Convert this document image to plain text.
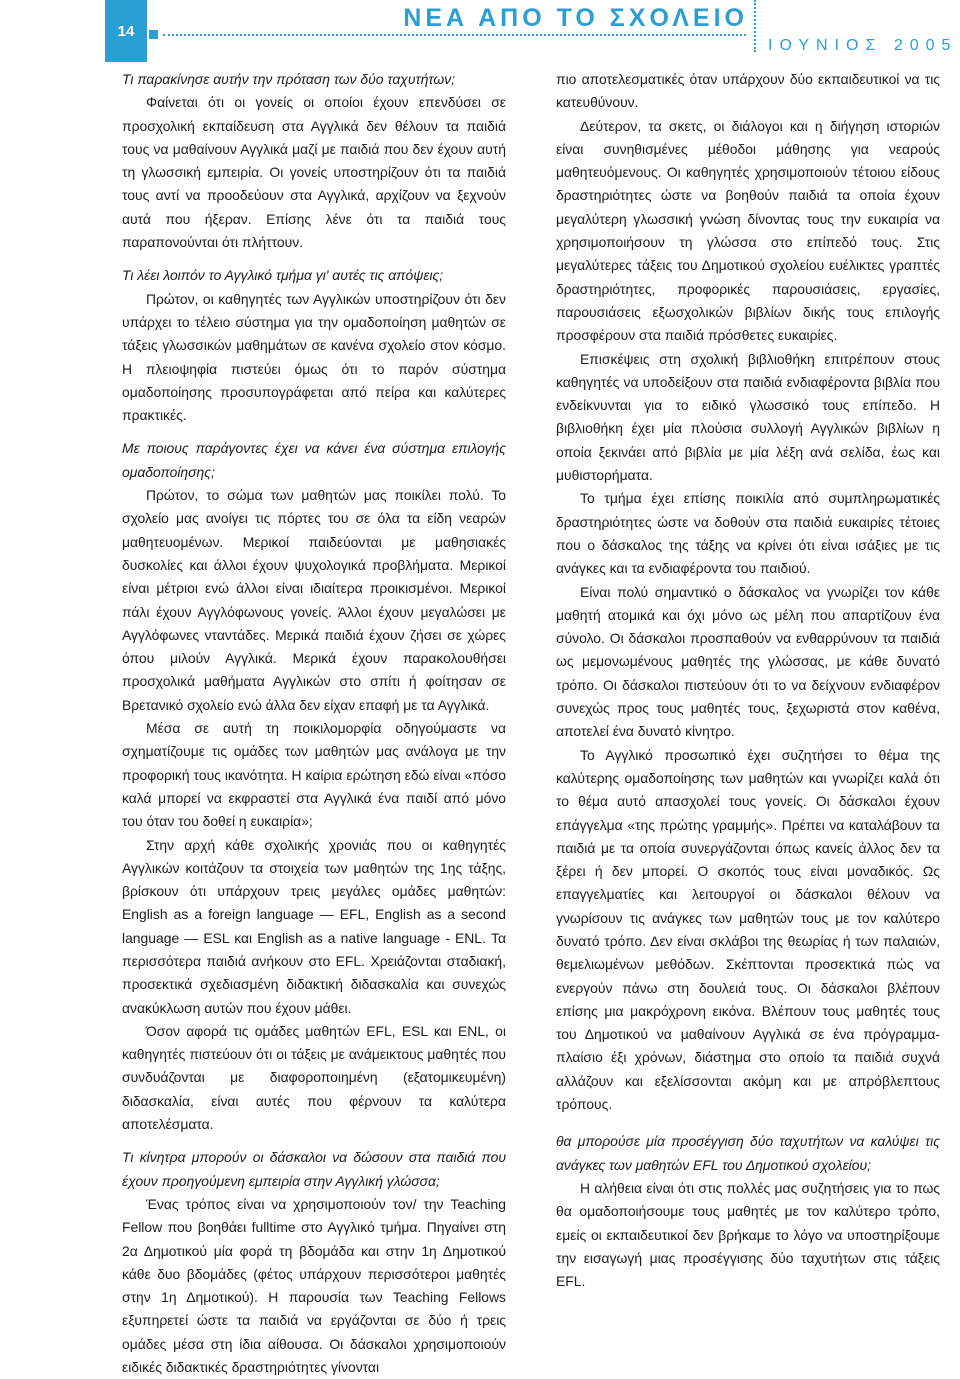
14	ΝΕΑ ΑΠΟ ΤΟ ΣΧΟΛΕΙΟ
ΙΟΥΝΙΟΣ 2005

Τι παρακίνησε αυτήν την πρόταση των δύο ταχυτήτων;

Φαίνεται ότι οι γονείς οι οποίοι έχουν επενδύσει σε προσχολική εκπαίδευση στα Αγγλικά δεν θέλουν τα παιδιά τους να μαθαίνουν Αγγλικά μαζί με παιδιά που δεν έχουν αυτή τη γλωσσική εμπειρία. Οι γονείς υποστηρίζουν ότι τα παιδιά τους αντί να προοδεύουν στα Αγγλικά, αρχίζουν να ξεχνούν αυτά που ήξεραν. Επίσης λένε ότι τα παιδιά τους παραπονούνται ότι πλήττουν.

Τι λέει λοιπόν το Αγγλικό τμήμα γι' αυτές τις απόψεις;

Πρώτον, οι καθηγητές των Αγγλικών υποστηρίζουν ότι δεν υπάρχει το τέλειο σύστημα για την ομαδοποίηση μαθητών σε τάξεις γλωσσικών μαθημάτων σε κανένα σχολείο στον κόσμο. Η πλειοψηφία πιστεύει όμως ότι το παρόν σύστημα ομαδοποίησης προσυπογράφεται από πείρα και καλύτερες πρακτικές.

Με ποιους παράγοντες έχει να κάνει ένα σύστημα επιλογής ομαδοποίησης;

Πρώτον, το σώμα των μαθητών μας ποικίλει πολύ. Το σχολείο μας ανοίγει τις πόρτες του σε όλα τα είδη νεαρών μαθητευομένων. Μερικοί παιδεύονται με μαθησιακές δυσκολίες και άλλοι έχουν ψυχολογικά προβλήματα. Μερικοί είναι μέτριοι ενώ άλλοι είναι ιδιαίτερα προικισμένοι. Μερικοί πάλι έχουν Αγγλόφωνους γονείς. Άλλοι έχουν μεγαλώσει με Αγγλόφωνες νταντάδες. Μερικά παιδιά έχουν ζήσει σε χώρες όπου μιλούν Αγγλικά. Μερικά έχουν παρακολουθήσει προσχολικά μαθήματα Αγγλικών στο σπίτι ή φοίτησαν σε Βρετανικό σχολείο ενώ άλλα δεν είχαν επαφή με τα Αγγλικά.

Μέσα σε αυτή τη ποικιλομορφία οδηγούμαστε να σχηματίζουμε τις ομάδες των μαθητών μας ανάλογα με την προφορική τους ικανότητα. Η καίρια ερώτηση εδώ είναι «πόσο καλά μπορεί να εκφραστεί στα Αγγλικά ένα παιδί από μόνο του όταν του δοθεί η ευκαιρία»;

Στην αρχή κάθε σχολικής χρονιάς που οι καθηγητές Αγγλικών κοιτάζουν τα στοιχεία των μαθητών της 1ης τάξης, βρίσκουν ότι υπάρχουν τρεις μεγάλες ομάδες μαθητών: English as a foreign language — EFL, English as a second language — ESL και English as a native language - ENL. Τα περισσότερα παιδιά ανήκουν στο EFL. Χρειάζονται σταδιακή, προσεκτικά σχεδιασμένη διδακτική διδασκαλία και συνεχώς ανακύκλωση αυτών που έχουν μάθει.

Όσον αφορά τις ομάδες μαθητών EFL, ESL και ENL, οι καθηγητές πιστεύουν ότι οι τάξεις με ανάμεικτους μαθητές που συνδυάζονται με διαφοροποιημένη (εξατομικευμένη) διδασκαλία, είναι αυτές που φέρνουν τα καλύτερα αποτελέσματα.

Τι κίνητρα μπορούν οι δάσκαλοι να δώσουν στα παιδιά που έχουν προηγούμενη εμπειρία στην Αγγλική γλώσσα;

Ένας τρόπος είναι να χρησιμοποιούν τον/ την Teaching Fellow που βοηθάει fulltime στο Αγγλικό τμήμα. Πηγαίνει στη 2α Δημοτικού μία φορά τη βδομάδα και στην 1η Δημοτικού κάθε δυο βδομάδες (φέτος υπάρχουν περισσότεροι μαθητές στην 1η Δημοτικού). Η παρουσία των Teaching Fellows εξυπηρετεί ώστε τα παιδιά να εργάζονται σε δύο ή τρεις ομάδες μέσα στη ίδια αίθουσα. Οι δάσκαλοι χρησιμοποιούν ειδικές διδακτικές δραστηριότητες γίνονται

πιο αποτελεσματικές όταν υπάρχουν δύο εκπαιδευτικοί να τις κατευθύνουν.

Δεύτερον, τα σκετς, οι διάλογοι και η διήγηση ιστοριών είναι συνηθισμένες μέθοδοι μάθησης για νεαρούς μαθητευόμενους. Οι καθηγητές χρησιμοποιούν τέτοιου είδους δραστηριότητες ώστε να βοηθούν παιδιά τα οποία έχουν μεγαλύτερη γλωσσική γνώση δίνοντας τους την ευκαιρία να χρησιμοποιήσουν τη γλώσσα στο επίπεδό τους. Στις μεγαλύτερες τάξεις του Δημοτικού σχολείου ευέλικτες γραπτές δραστηριότητες, προφορικές παρουσιάσεις, εργασίες, παρουσιάσεις εξωσχολικών βιβλίων δικής τους επιλογής προσφέρουν στα παιδιά πρόσθετες ευκαιρίες.

Επισκέψεις στη σχολική βιβλιοθήκη επιτρέπουν στους καθηγητές να υποδείξουν στα παιδιά ενδιαφέροντα βιβλία που ενδείκνυνται για το ειδικό γλωσσικό τους επίπεδο. Η βιβλιοθήκη έχει μία πλούσια συλλογή Αγγλικών βιβλίων η οποία ξεκινάει από βιβλία με μία λέξη ανά σελίδα, έως και μυθιστορήματα.

Το τμήμα έχει επίσης ποικιλία από συμπληρωματικές δραστηριότητες ώστε να δοθούν στα παιδιά ευκαιρίες τέτοιες που ο δάσκαλος της τάξης να κρίνει ότι είναι ισάξιες με τις ανάγκες και τα ενδιαφέροντα του παιδιού.

Είναι πολύ σημαντικό ο δάσκαλος να γνωρίζει τον κάθε μαθητή ατομικά και όχι μόνο ως μέλη που απαρτίζουν ένα σύνολο. Οι δάσκαλοι προσπαθούν να ενθαρρύνουν τα παιδιά ως μεμονωμένους μαθητές της γλώσσας, με κάθε δυνατό τρόπο. Οι δάσκαλοι πιστεύουν ότι το να δείχνουν ενδιαφέρον συνεχώς προς τους μαθητές τους, ξεχωριστά στον καθένα, αποτελεί ένα δυνατό κίνητρο.

Το Αγγλικό προσωπικό έχει συζητήσει το θέμα της καλύτερης ομαδοποίησης των μαθητών και γνωρίζει καλά ότι το θέμα αυτό απασχολεί τους γονείς. Οι δάσκαλοι έχουν επάγγελμα «της πρώτης γραμμής». Πρέπει να καταλάβουν τα παιδιά με τα οποία συνεργάζονται όπως κανείς άλλος δεν τα ξέρει ή δεν μπορεί. Ο σκοπός τους είναι μοναδικός. Ως επαγγελματίες και λειτουργοί οι δάσκαλοι θέλουν να γνωρίσουν τις ανάγκες των μαθητών τους με τον καλύτερο δυνατό τρόπο. Δεν είναι σκλάβοι της θεωρίας ή των παλαιών, θεμελιωμένων μεθόδων. Σκέπτονται προσεκτικά πώς να ενεργούν πάνω στη δουλειά τους. Οι δάσκαλοι βλέπουν επίσης μια μακρόχρονη εικόνα. Βλέπουν τους μαθητές τους του Δημοτικού να μαθαίνουν Αγγλικά σε ένα πρόγραμμα-πλαίσιο έξι χρόνων, διάστημα στο οποίο τα παιδιά συχνά αλλάζουν και εξελίσσονται ακόμη και με απρόβλεπτους τρόπους.

θα μπορούσε μία προσέγγιση δύο ταχυτήτων να καλύψει τις ανάγκες των μαθητών EFL του Δημοτικού σχολείου;

Η αλήθεια είναι ότι στις πολλές μας συζητήσεις για το πως θα ομαδοποιήσουμε τους μαθητές με τον καλύτερο τρόπο, εμείς οι εκπαιδευτικοί δεν βρήκαμε το λόγο να υποστηρίξουμε την εισαγωγή μιας προσέγγισης δύο ταχυτήτων στις τάξεις EFL.
